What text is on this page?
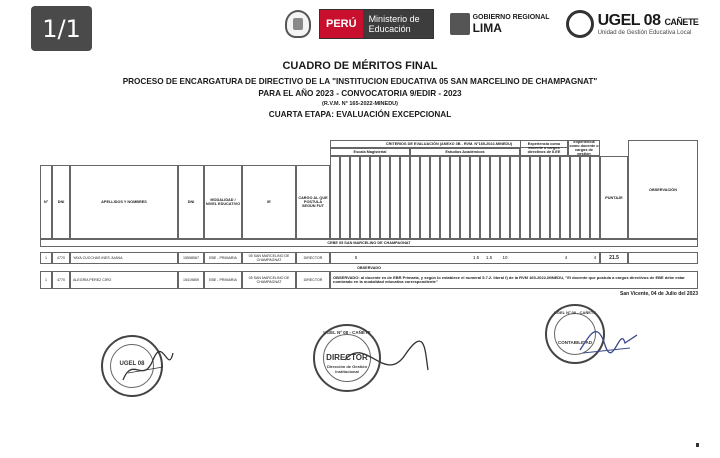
1/1	PERÚ	Ministerio de Educación
GOBIERNO REGIONAL
LIMA	UGEL 08 CAÑETE
Unidad de Gestión Educativa Local
CUADRO DE MÉRITOS FINAL
PROCESO DE ENCARGATURA DE DIRECTIVO DE LA "INSTITUCION EDUCATIVA 05 SAN MARCELINO DE CHAMPAGNAT"
PARA EL AÑO 2023 - CONVOCATORIA 9/EDIR - 2023
(R.V.M. N° 165-2022-MINEDU)
CUARTA ETAPA: EVALUACIÓN EXCEPCIONAL
CRITERIOS DE EVALUACIÓN (ANEXO 3B - RVM. N°165-2022-MINEDU)
Escala Magisterial	Estudios Académicos
Experiencia como docente o cargos directivos de II.EE
Experiencia como docente o cargos de gestión
N°	DNI	APELLIDOS Y NOMBRES	DNI	MODALIDAD / NIVEL EDUCATIVO	IE
CARGO AL QUE POSTULA SEGÚN FUT
PUNTAJE
OBSERVACIÓN
CEBE 05 SAN MARCELINO DE CHAMPAGNAT
1	4770	YAYA CUCCHAS INES JUANA	15598567	EBE - PRIMARIA	05 SAN MARCELINO DE CHAMPAGNAT	DIRECTOR	5	1.5	1.5	10	4	4	21.5
OBSERVADO
1	4770	ALEGRIA PEREZ CIRO	15419859	EBE - PRIMARIA	05 SAN MARCELINO DE CHAMPAGNAT	DIRECTOR	OBSERVADO: al docente es de EBR Primaria, y según lo establece el numeral 5.7.2. literal f) de la RVM 165-2022-MINEDU, "El docente que postula a cargos directivos de EBE debe estar nombrado en la modalidad educativa correspondiente"
San Vicente, 04 de Julio del 2023
UGEL 08
UGEL Nº 08 - CAÑETE
DIRECTOR
Dirección de Gestión Institucional
UGEL Nº 08 - CAÑETE
CONTABILIDAD
